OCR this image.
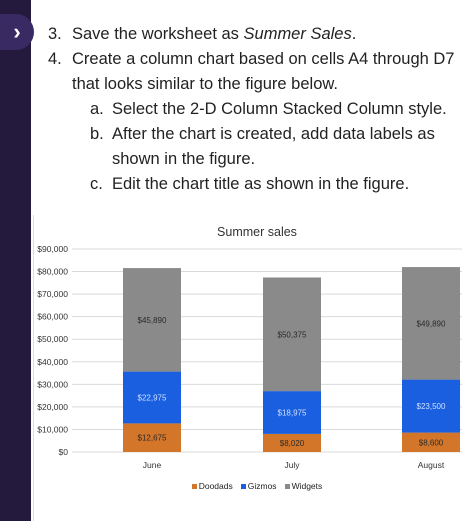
›	3. Save the worksheet as Summer Sales.
4. Create a column chart based on cells A4 through D7 that looks similar to the figure below.
a. Select the 2-D Column Stacked Column style.
b. After the chart is created, add data labels as shown in the figure.
c. Edit the chart title as shown in the figure.
Summer sales
$0
$10,000
$20,000
$30,000
$40,000
$50,000
$60,000
$70,000
$80,000
$90,000
$12,675
$22,975
$45,890
June
$8,020
$18,975
$50,375
July
$8,600
$23,500
$49,890
August
Doodads Gizmos Widgets
